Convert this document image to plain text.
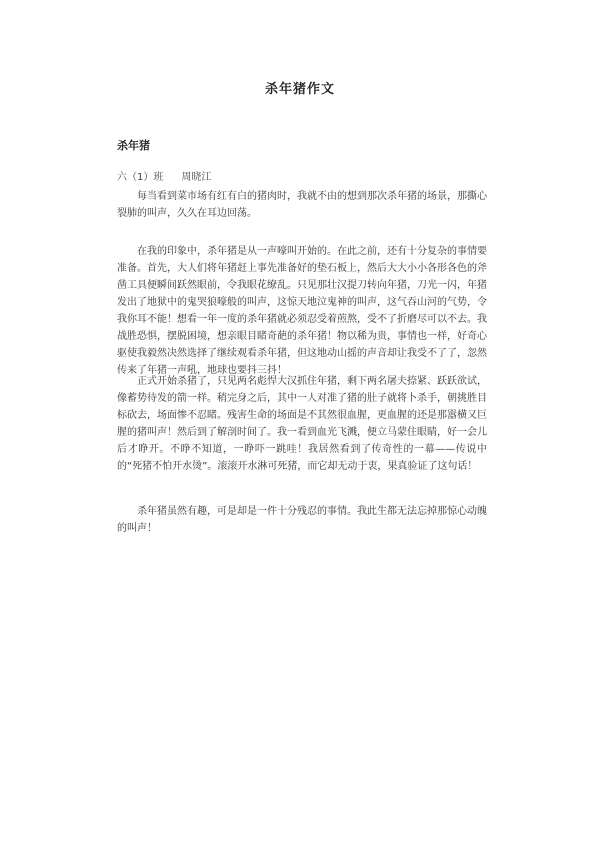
杀年猪作文
杀年猪
六（1）班 周晓江

每当看到菜市场有红有白的猪肉时，我就不由的想到那次杀年猪的场景，那撕心裂肺的叫声，久久在耳边回荡。

在我的印象中，杀年猪是从一声嚎叫开始的。在此之前，还有十分复杂的事情要准备。首先，大人们将年猪赶上事先准备好的垫石板上，然后大大小小各形各色的斧凿工具便瞬间跃然眼前，令我眼花缭乱。只见那壮汉提刀转向年猪，刀光一闪，年猪发出了地狱中的鬼哭狼嚎般的叫声，这惊天地泣鬼神的叫声，这气吞山河的气势，令我你耳不能！想看一年一度的杀年猪就必须忍受着煎熬，受不了折磨尽可以不去。我战胜恐惧，摆脱困境，想亲眼目睹奇葩的杀年猪！物以稀为贵，事情也一样，好奇心驱使我毅然决然选择了继续观看杀年猪，但这地动山摇的声音却让我受不了了，忽然传来了年猪一声吼，地球也要抖三抖！

正式开始杀猪了，只见两名彪悍大汉抓住年猪，剩下两名屠夫捺紧、跃跃欲试，像蓄势待发的箭一样。稍完身之后，其中一人对准了猪的肚子就将卜杀手，朝挑胜目标砍去，场面惨不忍睹。残害生命的场面是不其然很血腥，更血腥的还是那嚣横又巨腥的猪叫声！然后到了解剖时间了。我一看到血光飞溅，便立马蒙住眼睛，好一会儿后才睁开。不睁不知道，一睁吓一跳哇！我居然看到了传奇性的一幕——传说中的“死猪不怕开水烫”。滚滚开水淋可死猪，而它却无动于衷，果真验证了这句话！

杀年猪虽然有趣，可是却是一件十分残忍的事情。我此生都无法忘掉那惊心动魄的叫声！
